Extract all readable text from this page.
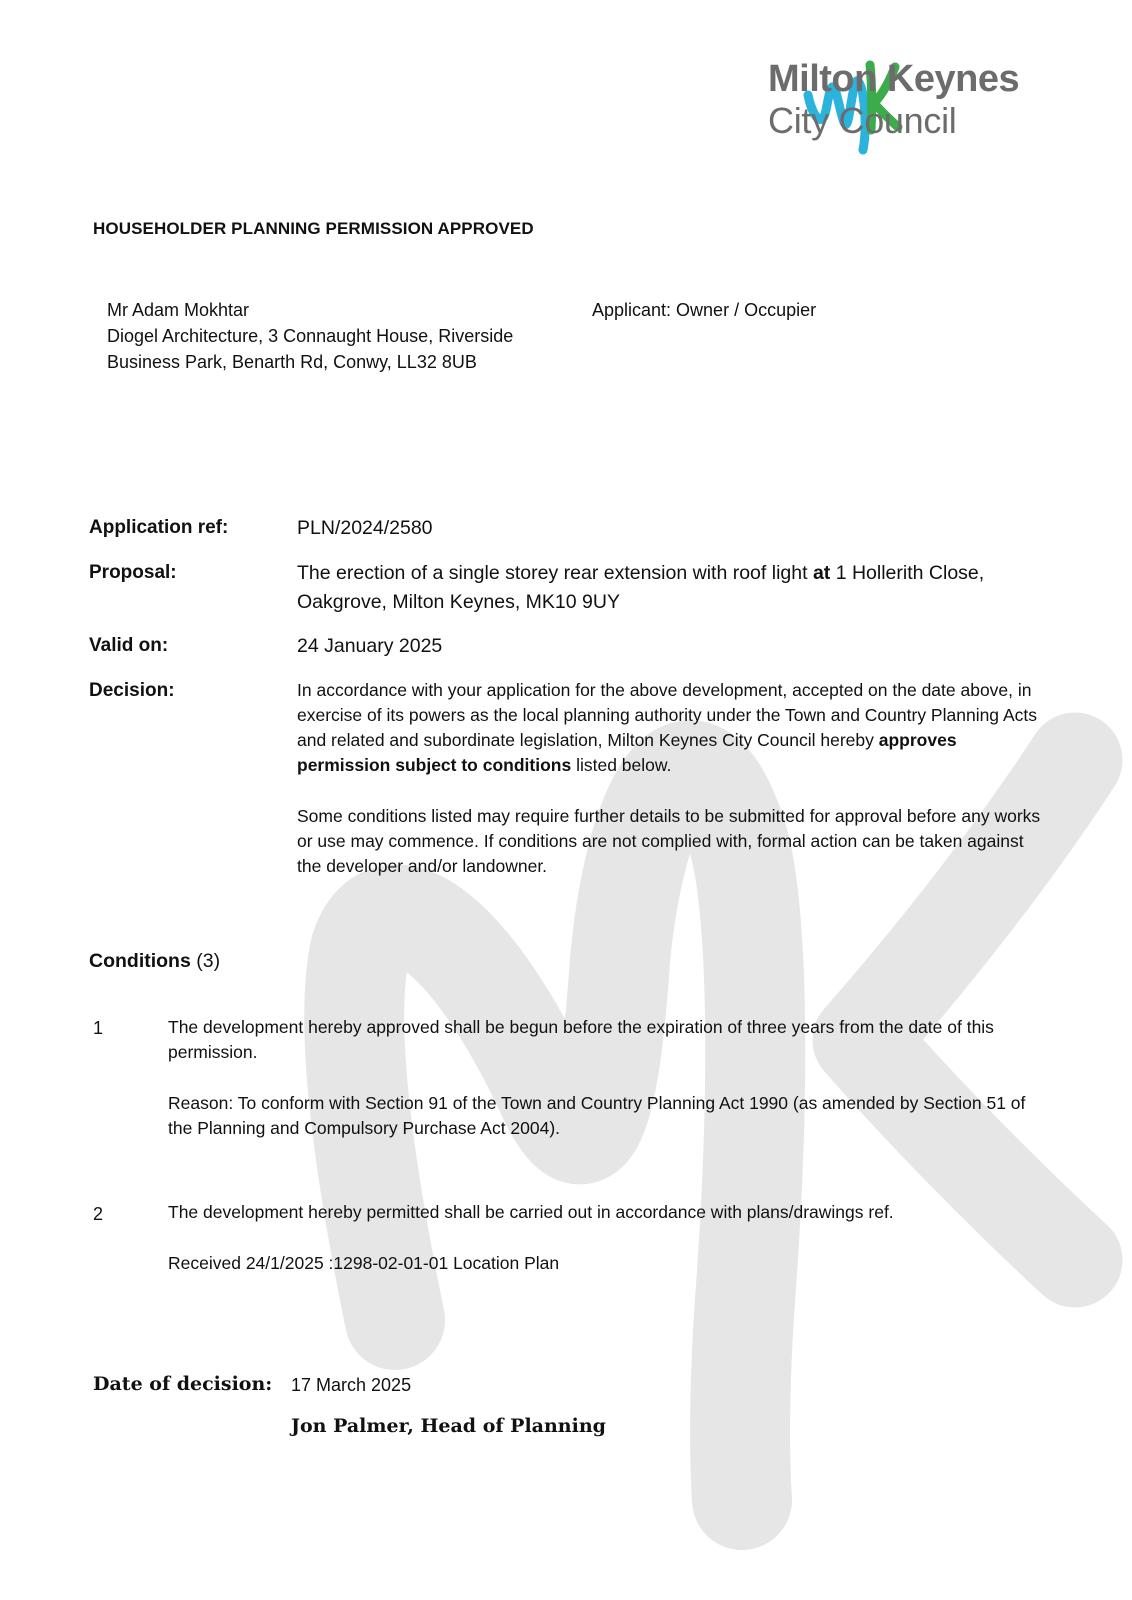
Milton Keynes
City Council
HOUSEHOLDER PLANNING PERMISSION APPROVED
Mr Adam Mokhtar
Diogel Architecture, 3 Connaught House, Riverside
Business Park, Benarth Rd, Conwy, LL32 8UB
Applicant: Owner / Occupier
Application ref:	PLN/2024/2580
Proposal:	The erection of a single storey rear extension with roof light at 1 Hollerith Close, Oakgrove, Milton Keynes, MK10 9UY
Valid on:	24 January 2025
Decision:	In accordance with your application for the above development, accepted on the date above, in exercise of its powers as the local planning authority under the Town and Country Planning Acts and related and subordinate legislation, Milton Keynes City Council hereby approves permission subject to conditions listed below.
Some conditions listed may require further details to be submitted for approval before any works or use may commence. If conditions are not complied with, formal action can be taken against the developer and/or landowner.
Conditions (3)
1	The development hereby approved shall be begun before the expiration of three years from the date of this permission.
Reason: To conform with Section 91 of the Town and Country Planning Act 1990 (as amended by Section 51 of the Planning and Compulsory Purchase Act 2004).
2	The development hereby permitted shall be carried out in accordance with plans/drawings ref.
Received 24/1/2025 :1298-02-01-01 Location Plan
Date of decision: 17 March 2025
Jon Palmer, Head of Planning
